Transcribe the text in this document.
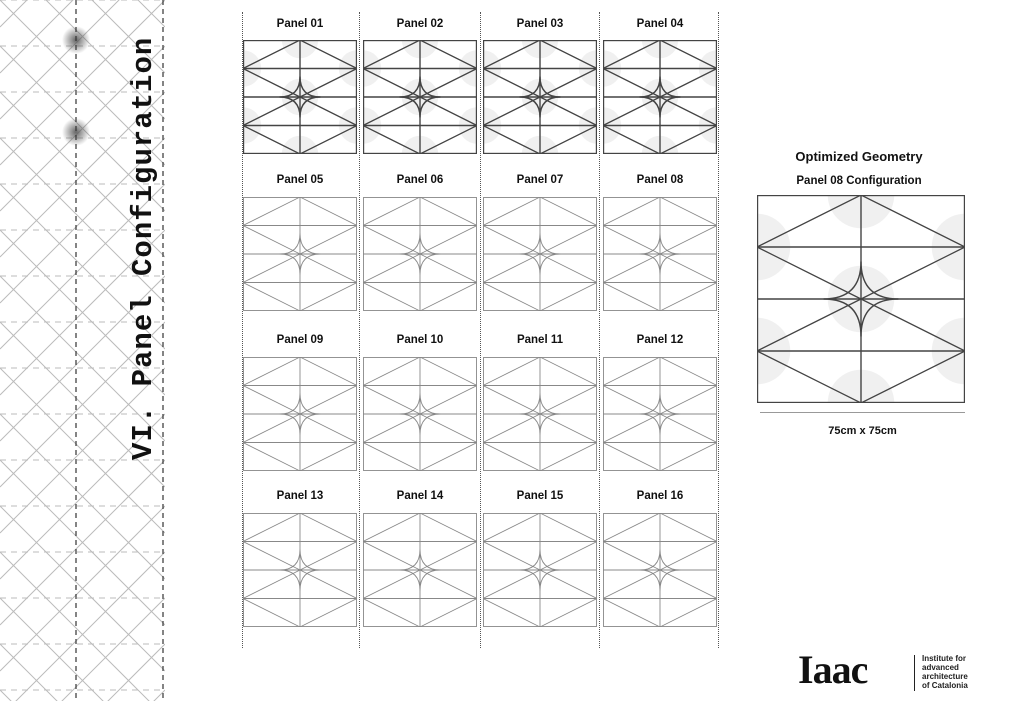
VI. Panel Configuration
Panel 01	Panel 02	Panel 03	Panel 04
Panel 05	Panel 06	Panel 07	Panel 08
Panel 09	Panel 10	Panel 11	Panel 12
Panel 13	Panel 14	Panel 15	Panel 16
Optimized Geometry
Panel 08 Configuration
75cm x 75cm
Iaac	Institute for
advanced
architecture
of Catalonia
